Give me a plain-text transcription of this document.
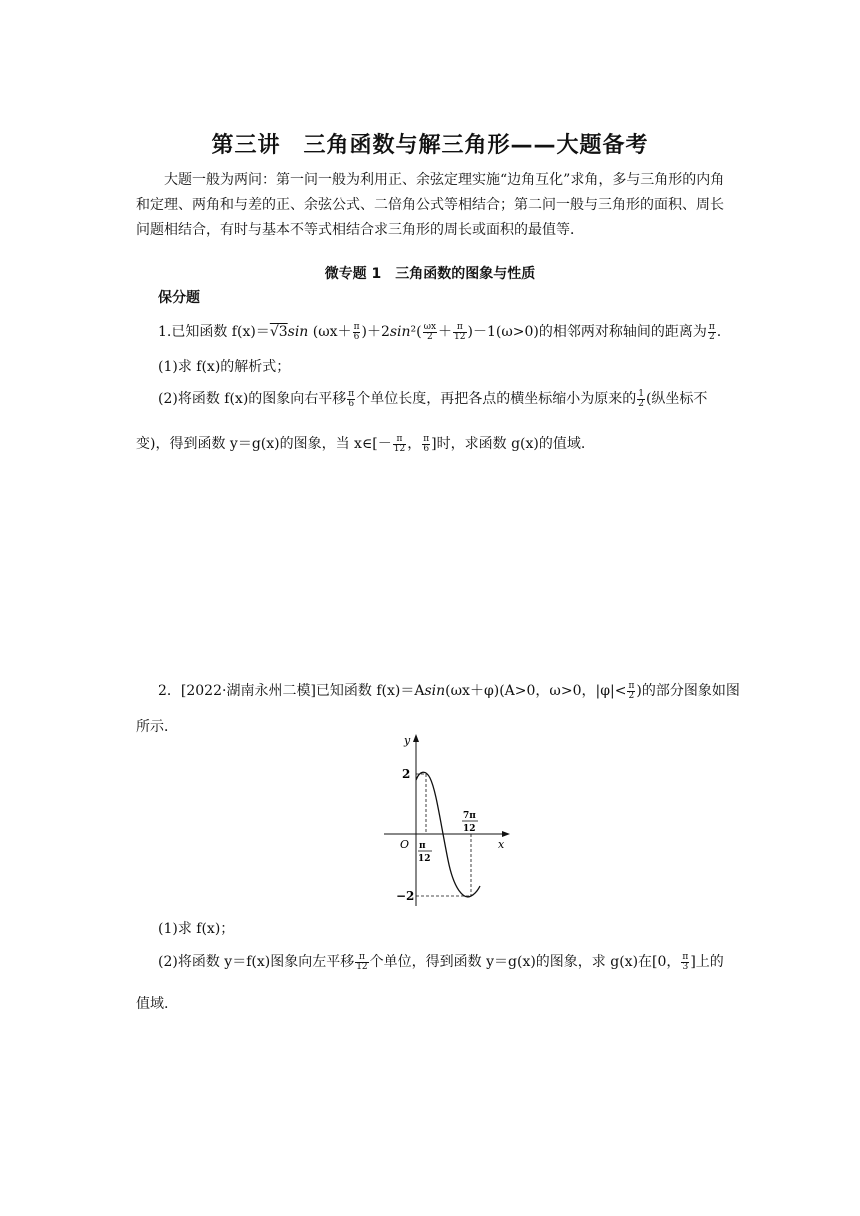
第三讲　三角函数与解三角形——大题备考
大题一般为两问：第一问一般为利用正、余弦定理实施“边角互化”求角，多与三角形的内角和定理、两角和与差的正、余弦公式、二倍角公式等相结合；第二问一般与三角形的面积、周长问题相结合，有时与基本不等式相结合求三角形的周长或面积的最值等．
微专题 1　三角函数的图象与性质
保分题
1.已知函数 f(x)＝√3sin $(\omega x+ \frac{\pi}{6} )+2\sin^2( \frac{\omega x}{2} + \frac{\pi}{12} )-1(\omega>0)$的相邻两对称轴间的距离为 $\frac{\pi}{2}$ .
(1)求 f(x)的解析式；
(2)将函数 f(x)的图象向右平移 $\frac{\pi}{6}$ 个单位长度，再把各点的横坐标缩小为原来的 $\frac{1}{2}$ (纵坐标不
变)，得到函数 y＝g(x)的图象，当 x∈[－ $\frac{\pi}{12}$ ， $\frac{\pi}{6}$ ]时，求函数 g(x)的值域.
2．[2022·湖南永州二模]已知函数 f(x)＝Asin(ωx＋φ)(A>0，ω>0，$|\varphi|< \frac{\pi}{2}$ )的部分图象如图
所示．
y
x
O
2
−2
π
12
7π
12
(1)求 f(x)；
(2)将函数 y＝f(x)图象向左平移 $\frac{\pi}{12}$ 个单位，得到函数 y＝g(x)的图象，求 g(x)在[0， $\frac{\pi}{3}$ ]上的
值域.
